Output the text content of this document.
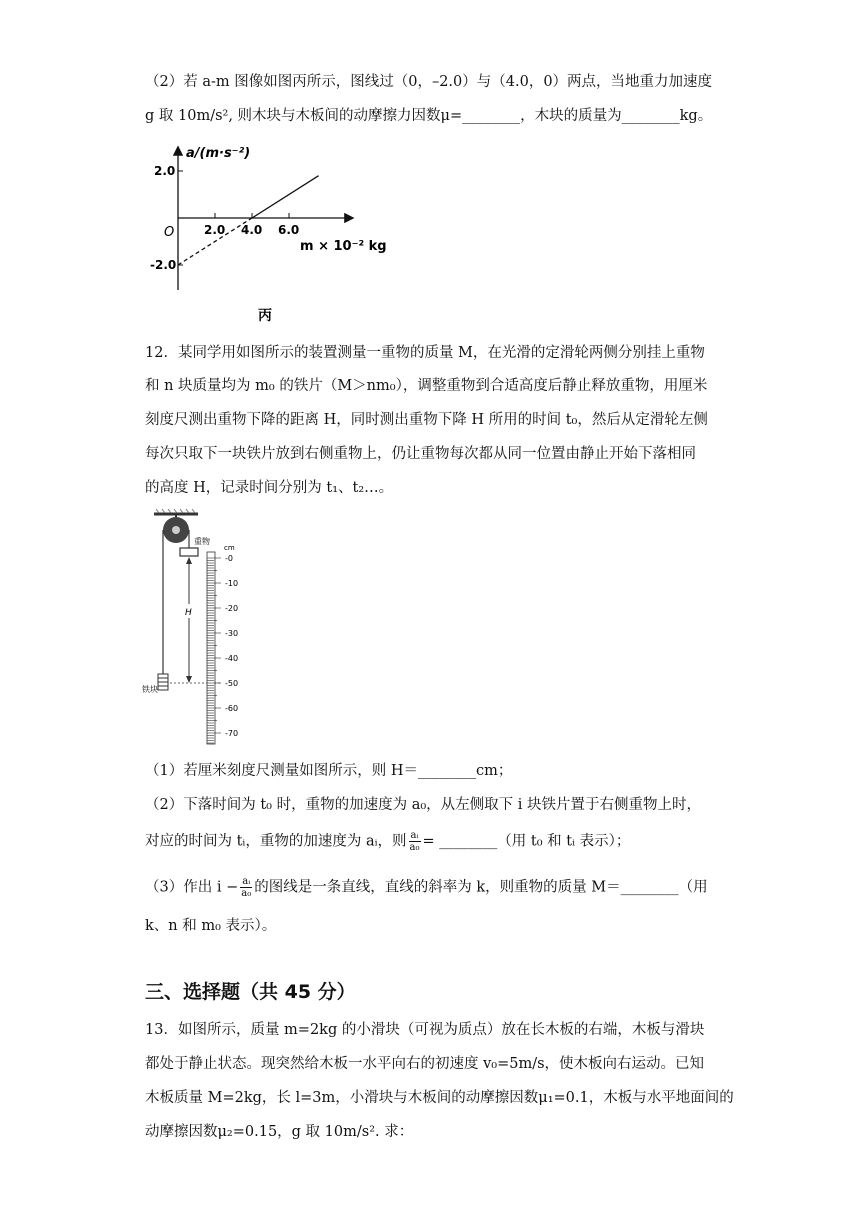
（2）若 a-m 图像如图丙所示，图线过（0，–2.0）与（4.0，0）两点，当地重力加速度
g 取 10m/s², 则木块与木板间的动摩擦力因数μ=________，木块的质量为________kg。
a/(m·s⁻²)
O
m × 10⁻² kg
2.0 4.0 6.0
2.0
-2.0
丙
12．某同学用如图所示的装置测量一重物的质量 M，在光滑的定滑轮两侧分别挂上重物
和 n 块质量均为 m₀ 的铁片（M＞nm₀），调整重物到合适高度后静止释放重物，用厘米
刻度尺测出重物下降的距离 H，同时测出重物下降 H 所用的时间 t₀，然后从定滑轮左侧
每次只取下一块铁片放到右侧重物上，仍让重物每次都从同一位置由静止开始下落相同
的高度 H，记录时间分别为 t₁、t₂…。
重物
铁块
H
-0
-10
-20
-30
-40
-50
-60
-70
cm
（1）若厘米刻度尺测量如图所示，则 H＝________cm；
（2）下落时间为 t₀ 时，重物的加速度为 a₀，从左侧取下 i 块铁片置于右侧重物上时，
对应的时间为 tᵢ，重物的加速度为 aᵢ，则 $\frac{\text{aᵢ}}{\text{a₀}}$ = ________（用 t₀ 和 tᵢ 表示）；
（3）作出 $i - \frac{\text{aᵢ}}{\text{a₀}}$ 的图线是一条直线，直线的斜率为 k，则重物的质量 M＝________（用
k、n 和 m₀ 表示）。
三、选择题（共 45 分）
13．如图所示，质量 m=2kg 的小滑块（可视为质点）放在长木板的右端，木板与滑块
都处于静止状态。现突然给木板一水平向右的初速度 v₀=5m/s，使木板向右运动。已知
木板质量 M=2kg，长 l=3m，小滑块与木板间的动摩擦因数μ₁=0.1，木板与水平地面间的
动摩擦因数μ₂=0.15，g 取 10m/s². 求：
